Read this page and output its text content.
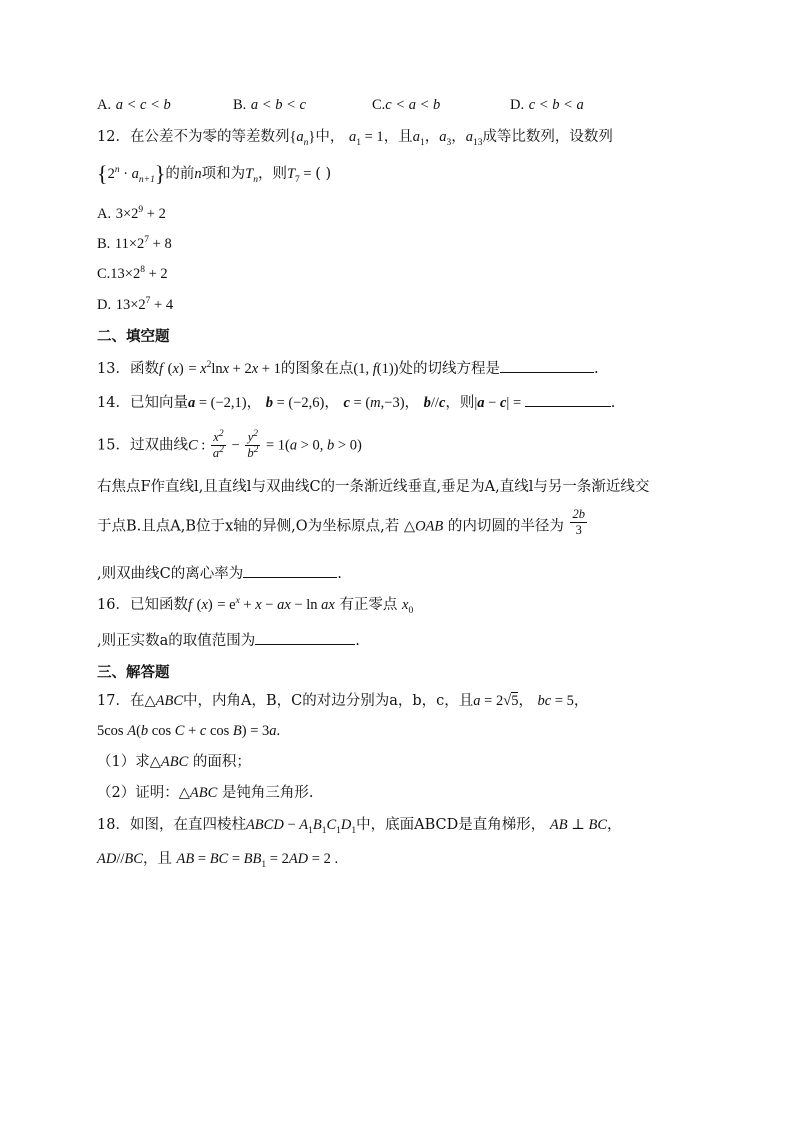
A. a < c < b	B. a < b < c	C.c < a < b	D. c < b < a
12．在公差不为零的等差数列$\{a_n\}$中， $a_1 = 1$，且$a_1$，$a_3$，$a_{13}$成等比数列，设数列
$\{2^n \cdot a_{n+1}\}$的前n项和为$T_n$，则$T_7$ = ( )
A. $3\times 2^9 + 2$
B. $11\times 2^7 + 8$
$C.13\times 2^8 + 2$
D. $13\times 2^7 + 4$
二、填空题
13．函数f $(x) = x^2\ln x + 2x + 1$的图象在点(1, f(1))处的切线方程是	.
14．已知向量a = (−2,1)， b = (−2,6)， c = (m,−3)， b//c，则|a − c| =	.
15．过双曲线C : $\frac{x^2}{a^2} - \frac{y^2}{b^2} = 1(a > 0$, b > 0)
右焦点F作直线l,且直线l与双曲线C的一条渐近线垂直,垂足为A,直线l与另一条渐近线交
于点B.且点A,B位于x轴的异侧,O为坐标原点,若 △OAB 的内切圆的半径为 $\frac{2b}{3}$
,则双曲线C的离心率为	.
16．已知函数f $(x) = e^x + x$ − ax − ln ax 有正零点 $x_0$
,则正实数a的取值范围为	.
三、解答题
17．在△ABC中，内角A，B，C的对边分别为a，b，c，且a = 2√5， bc = 5，
5cos A(b cos C + c cos B) = 3a.
（1）求△ABC 的面积；
（2）证明：△ABC 是钝角三角形.
18．如图，在直四棱柱ABCD − $A_1B_1C_1D_1$中，底面ABCD是直角梯形， AB ⊥ BC，
AD//BC，且 AB = BC = $BB_1 = 2AD = 2$ .
